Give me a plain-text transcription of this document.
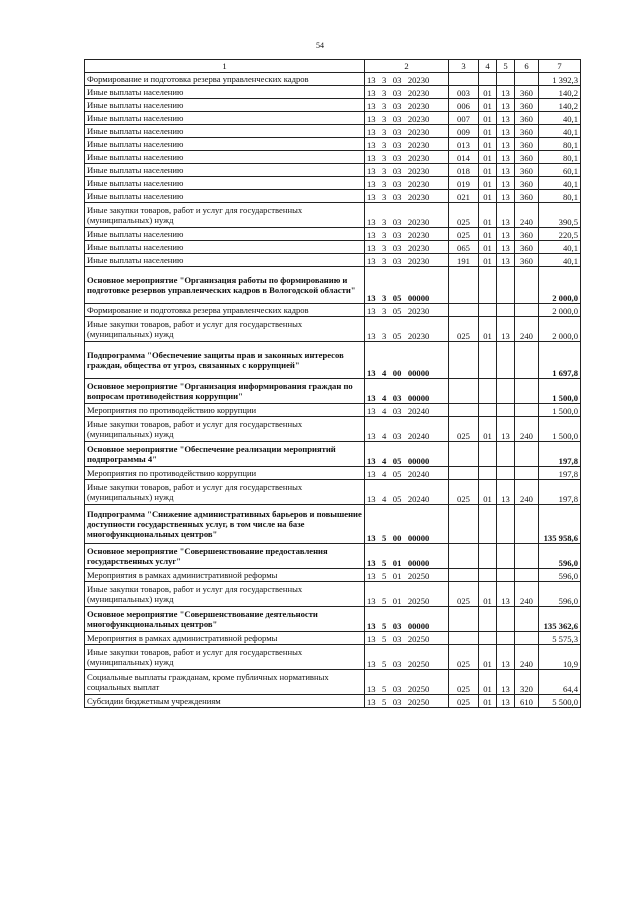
54
1	2	3	4	5	6	7
Формирование и подготовка резерва управленческих кадров	13   3   03   20230					1 392,3
Иные выплаты населению	13   3   03   20230	003	01	13	360	140,2
Иные выплаты населению	13   3   03   20230	006	01	13	360	140,2
Иные выплаты населению	13   3   03   20230	007	01	13	360	40,1
Иные выплаты населению	13   3   03   20230	009	01	13	360	40,1
Иные выплаты населению	13   3   03   20230	013	01	13	360	80,1
Иные выплаты населению	13   3   03   20230	014	01	13	360	80,1
Иные выплаты населению	13   3   03   20230	018	01	13	360	60,1
Иные выплаты населению	13   3   03   20230	019	01	13	360	40,1
Иные выплаты населению	13   3   03   20230	021	01	13	360	80,1
Иные закупки товаров, работ и услуг для государственных (муниципальных) нужд	13   3   03   20230	025	01	13	240	390,5
Иные выплаты населению	13   3   03   20230	025	01	13	360	220,5
Иные выплаты населению	13   3   03   20230	065	01	13	360	40,1
Иные выплаты населению	13   3   03   20230	191	01	13	360	40,1
Основное мероприятие "Организация работы по формированию и подготовке резервов управленческих кадров в Вологодской области"	13   3   05   00000					2 000,0
Формирование и подготовка резерва управленческих кадров	13   3   05   20230					2 000,0
Иные закупки товаров, работ и услуг для государственных (муниципальных) нужд	13   3   05   20230	025	01	13	240	2 000,0
Подпрограмма "Обеспечение защиты прав и законных интересов граждан, общества от угроз, связанных с коррупцией"	13   4   00   00000					1 697,8
Основное мероприятие "Организация информирования граждан по вопросам противодействия коррупции"	13   4   03   00000					1 500,0
Мероприятия по противодействию коррупции	13   4   03   20240					1 500,0
Иные закупки товаров, работ и услуг для государственных (муниципальных) нужд	13   4   03   20240	025	01	13	240	1 500,0
Основное мероприятие "Обеспечение реализации мероприятий подпрограммы 4"	13   4   05   00000					197,8
Мероприятия по противодействию коррупции	13   4   05   20240					197,8
Иные закупки товаров, работ и услуг для государственных (муниципальных) нужд	13   4   05   20240	025	01	13	240	197,8
Подпрограмма "Снижение административных барьеров и повышение доступности государственных услуг, в том числе на базе многофункциональных центров"	13   5   00   00000					135 958,6
Основное мероприятие "Совершенствование предоставления государственных услуг"	13   5   01   00000					596,0
Мероприятия в рамках административной реформы	13   5   01   20250					596,0
Иные закупки товаров, работ и услуг для государственных (муниципальных) нужд	13   5   01   20250	025	01	13	240	596,0
Основное мероприятие "Совершенствование деятельности многофункциональных центров"	13   5   03   00000					135 362,6
Мероприятия в рамках административной реформы	13   5   03   20250					5 575,3
Иные закупки товаров, работ и услуг для государственных (муниципальных) нужд	13   5   03   20250	025	01	13	240	10,9
Социальные выплаты гражданам, кроме публичных нормативных социальных выплат	13   5   03   20250	025	01	13	320	64,4
Субсидии бюджетным учреждениям	13   5   03   20250	025	01	13	610	5 500,0
